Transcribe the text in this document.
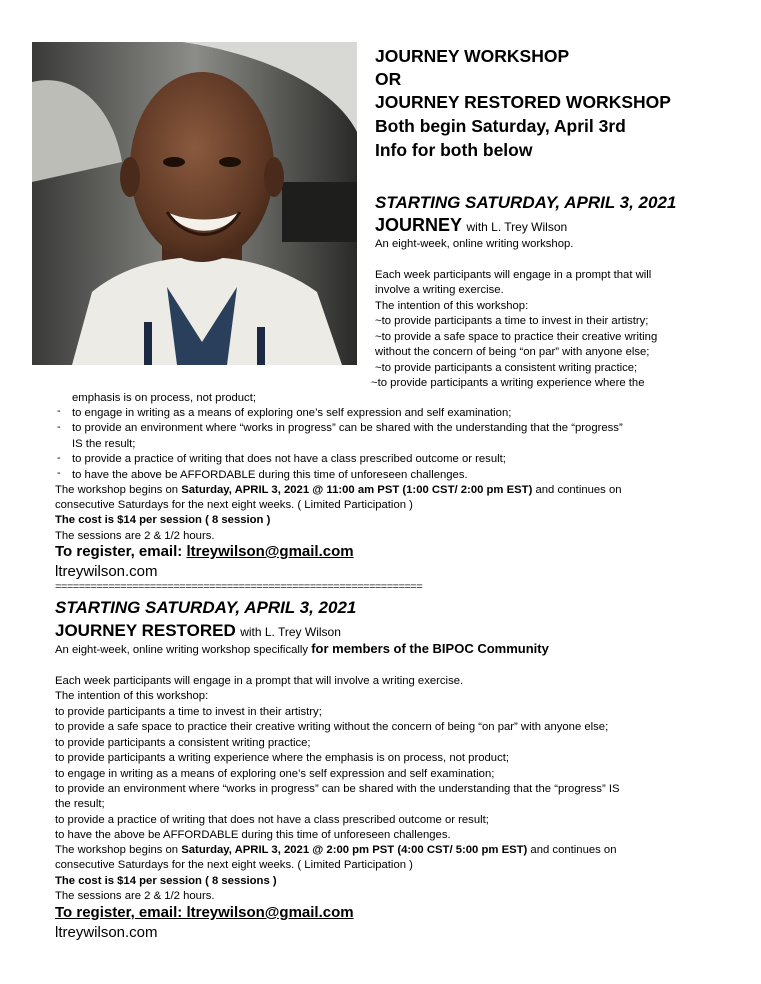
JOURNEY WORKSHOP
OR
JOURNEY RESTORED WORKSHOP
Both begin Saturday, April 3rd
Info for both below
STARTING SATURDAY, APRIL 3, 2021
JOURNEY with L. Trey Wilson
An eight-week, online writing workshop.
Each week participants will engage in a prompt that will
involve a writing exercise.
The intention of this workshop:
~to provide participants a time to invest in their artistry;
~to provide a safe space to practice their creative writing
without the concern of being “on par” with anyone else;
~to provide participants a consistent writing practice;
~to provide participants a writing experience where the
emphasis is on process, not product;
- to engage in writing as a means of exploring one’s self expression and self examination;
- to provide an environment where “works in progress” can be shared with the understanding that the “progress”
IS the result;
- to provide a practice of writing that does not have a class prescribed outcome or result;
- to have the above be AFFORDABLE during this time of unforeseen challenges.
The workshop begins on Saturday, APRIL 3, 2021 @ 11:00 am PST (1:00 CST/ 2:00 pm EST) and continues on
consecutive Saturdays for the next eight weeks. ( Limited Participation )
The cost is $14 per session ( 8 session )
The sessions are 2 & 1/2 hours.
To register, email: ltreywilson@gmail.com
ltreywilson.com
==============================================================
STARTING SATURDAY, APRIL 3, 2021
JOURNEY RESTORED with L. Trey Wilson
An eight-week, online writing workshop specifically for members of the BIPOC Community
Each week participants will engage in a prompt that will involve a writing exercise.
The intention of this workshop:
to provide participants a time to invest in their artistry;
to provide a safe space to practice their creative writing without the concern of being “on par” with anyone else;
to provide participants a consistent writing practice;
to provide participants a writing experience where the emphasis is on process, not product;
to engage in writing as a means of exploring one’s self expression and self examination;
to provide an environment where “works in progress” can be shared with the understanding that the “progress” IS
the result;
to provide a practice of writing that does not have a class prescribed outcome or result;
to have the above be AFFORDABLE during this time of unforeseen challenges.
The workshop begins on Saturday, APRIL 3, 2021 @ 2:00 pm PST (4:00 CST/ 5:00 pm EST) and continues on
consecutive Saturdays for the next eight weeks. ( Limited Participation )
The cost is $14 per session ( 8 sessions )
The sessions are 2 & 1/2 hours.
To register, email: ltreywilson@gmail.com
ltreywilson.com
